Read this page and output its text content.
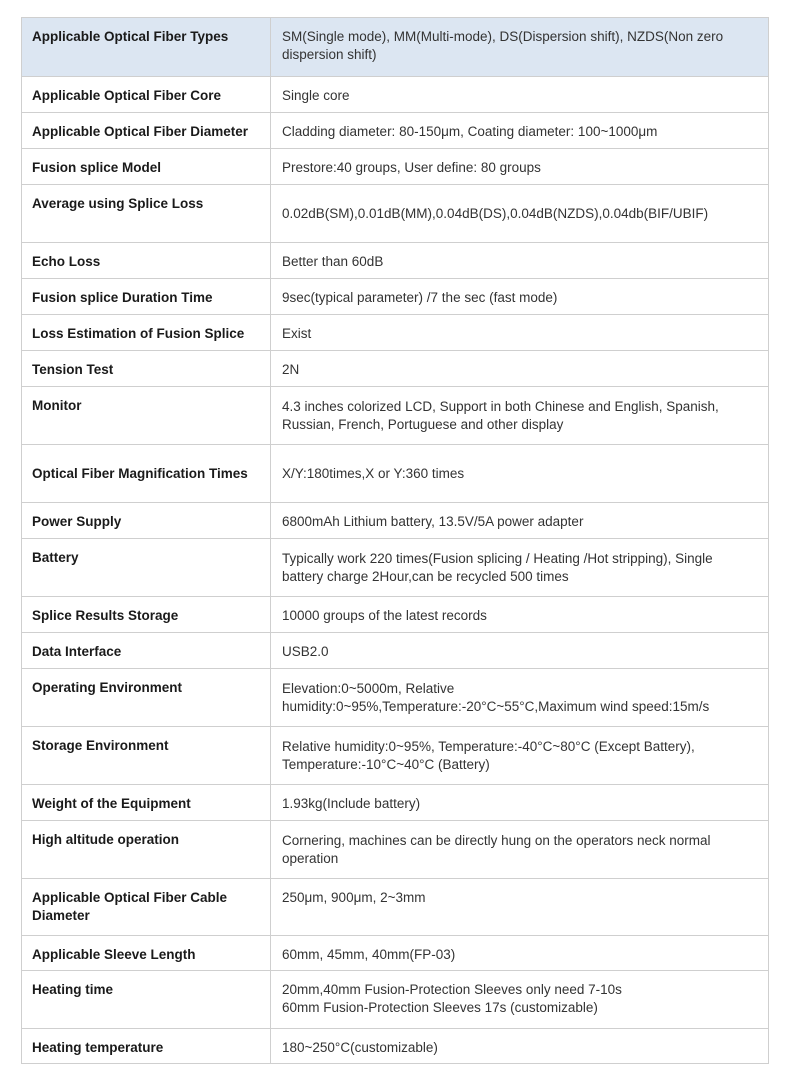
Applicable Optical Fiber Types	SM(Single mode), MM(Multi-mode), DS(Dispersion shift), NZDS(Non zero dispersion shift)
Applicable Optical Fiber Core	Single core
Applicable Optical Fiber Diameter	Cladding diameter: 80-150μm, Coating diameter: 100~1000μm
Fusion splice Model	Prestore:40 groups, User define: 80 groups
Average using Splice Loss	0.02dB(SM),0.01dB(MM),0.04dB(DS),0.04dB(NZDS),0.04db(BIF/UBIF)
Echo Loss	Better than 60dB
Fusion splice Duration Time	9sec(typical parameter) /7 the sec (fast mode)
Loss Estimation of Fusion Splice	Exist
Tension Test	2N
Monitor	4.3 inches colorized LCD, Support in both Chinese and English, Spanish, Russian, French, Portuguese and other display
Optical Fiber Magnification Times	X/Y:180times,X or Y:360 times
Power Supply	6800mAh Lithium battery, 13.5V/5A power adapter
Battery	Typically work 220 times(Fusion splicing / Heating /Hot stripping), Single battery charge 2Hour,can be recycled 500 times
Splice Results Storage	10000 groups of the latest records
Data Interface	USB2.0
Operating Environment	Elevation:0~5000m, Relative
humidity:0~95%,Temperature:-20°C~55°C,Maximum wind speed:15m/s
Storage Environment	Relative humidity:0~95%, Temperature:-40°C~80°C (Except Battery),
Temperature:-10°C~40°C (Battery)
Weight of the Equipment	1.93kg(Include battery)
High altitude operation	Cornering, machines can be directly hung on the operators neck normal operation
Applicable Optical Fiber Cable Diameter	250μm, 900μm, 2~3mm
Applicable Sleeve Length	60mm, 45mm, 40mm(FP-03)
Heating time	20mm,40mm Fusion-Protection Sleeves only need 7-10s
60mm Fusion-Protection Sleeves 17s (customizable)
Heating temperature	180~250°C(customizable)
